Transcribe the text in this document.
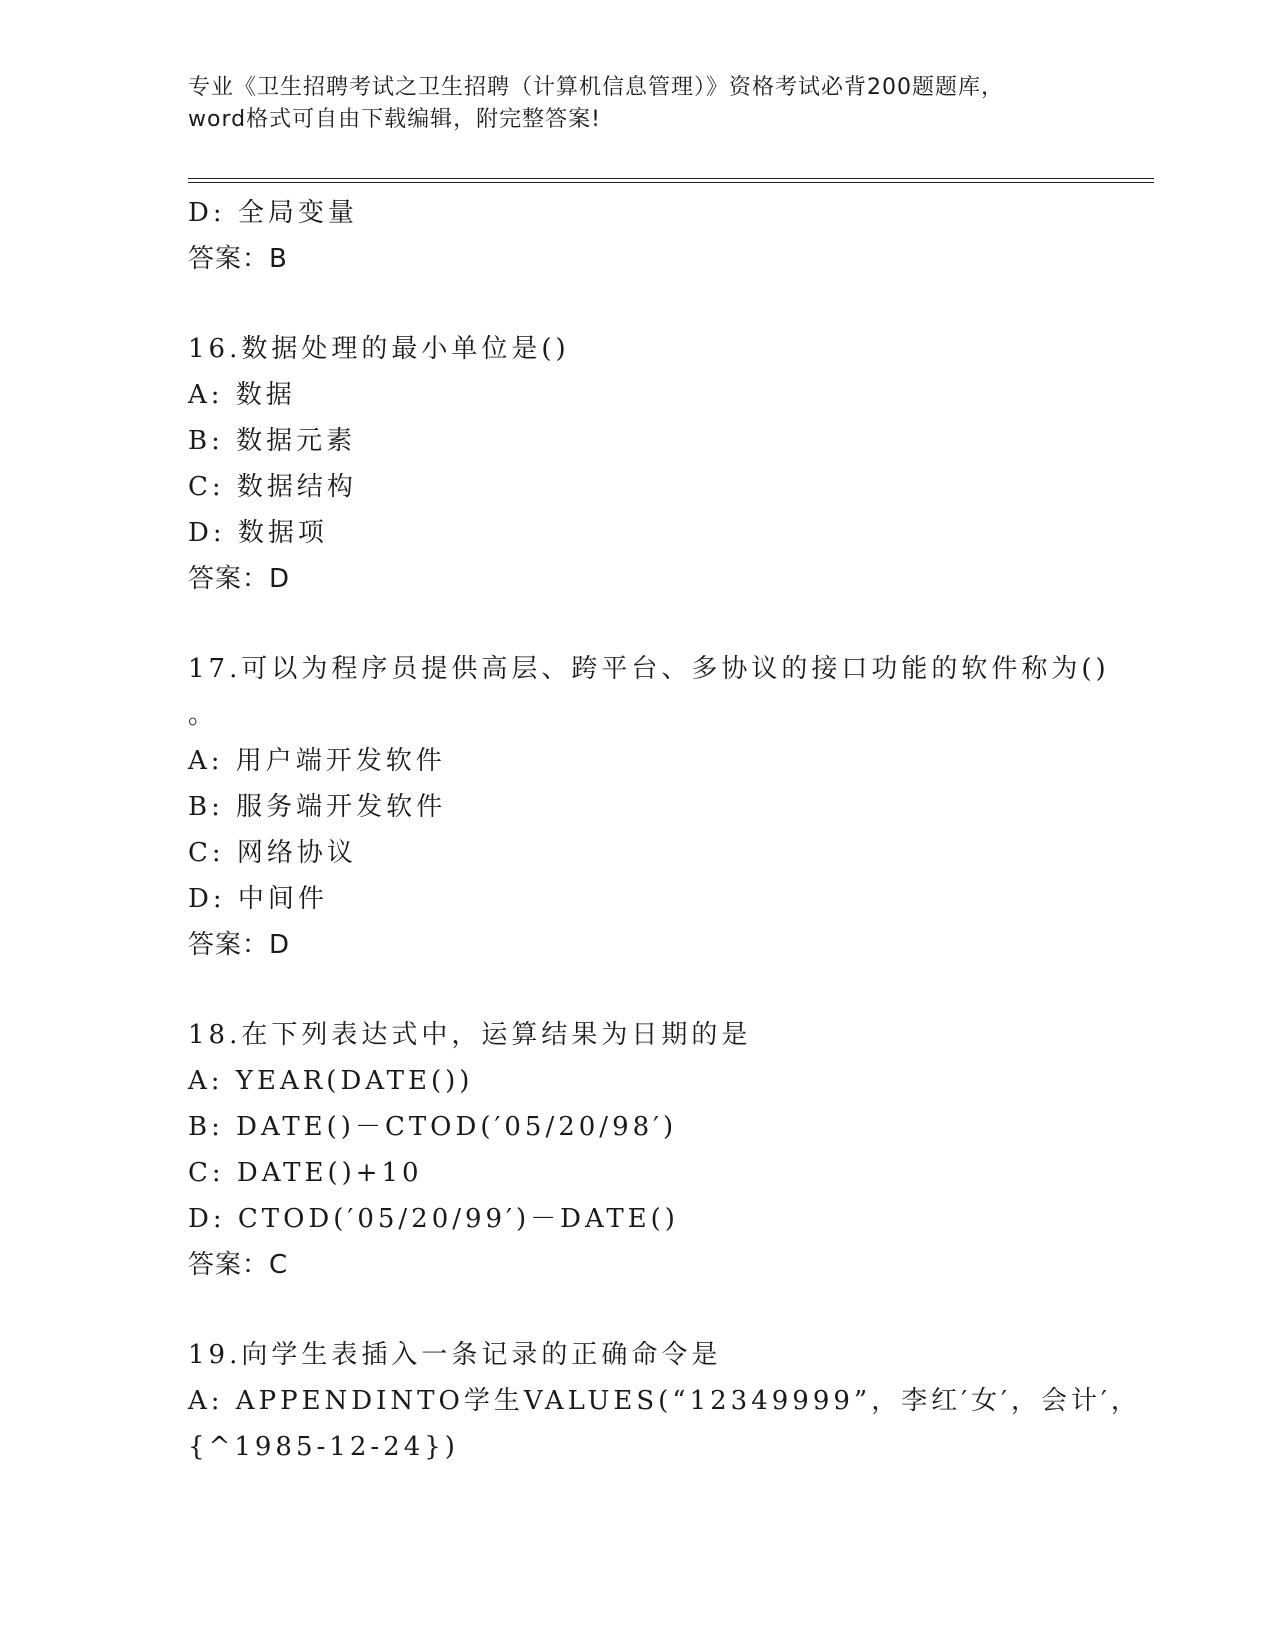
专业《卫生招聘考试之卫生招聘（计算机信息管理）》资格考试必背200题题库，
word格式可自由下载编辑，附完整答案!
D: 全局变量
答案：B
16.数据处理的最小单位是()
A: 数据
B: 数据元素
C: 数据结构
D: 数据项
答案：D
17.可以为程序员提供高层、跨平台、多协议的接口功能的软件称为()
。
A: 用户端开发软件
B: 服务端开发软件
C: 网络协议
D: 中间件
答案：D
18.在下列表达式中，运算结果为日期的是
A: YEAR(DATE())
B: DATE()－CTOD(′05/20/98′)
C: DATE()+10
D: CTOD(′05/20/99′)－DATE()
答案：C
19.向学生表插入一条记录的正确命令是
A: APPENDINTO学生VALUES(“12349999”，李红′女′，会计′，
{^1985-12-24})
